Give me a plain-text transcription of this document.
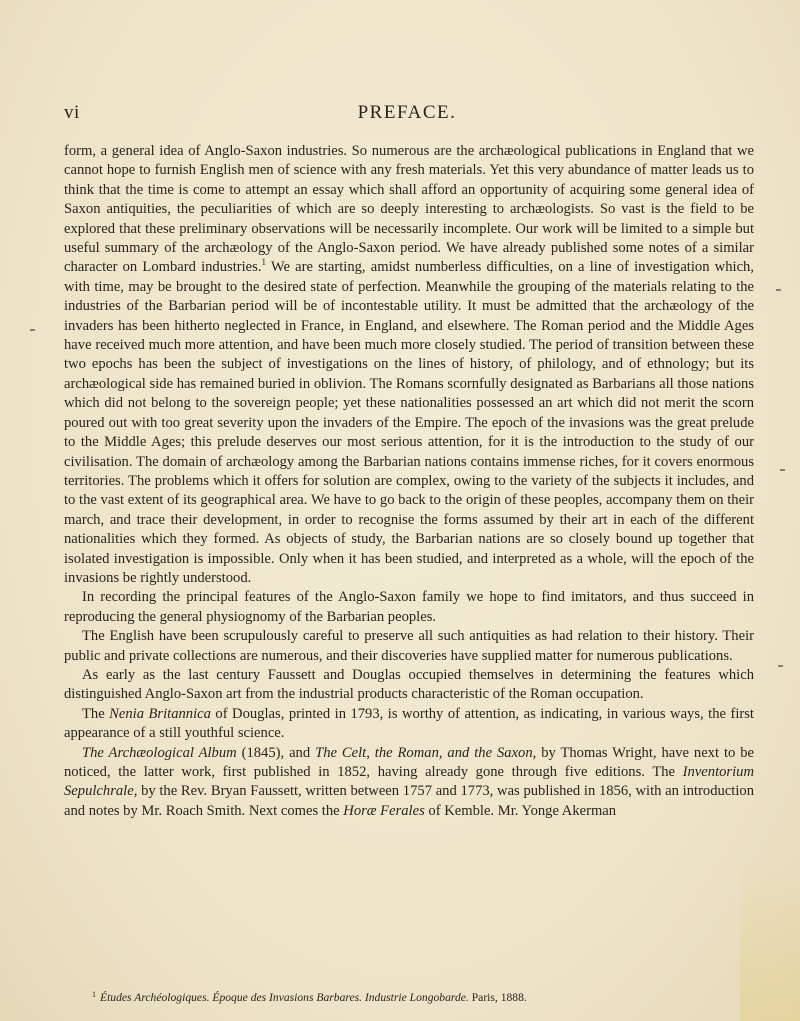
vi	PREFACE.

form, a general idea of Anglo-Saxon industries. So numerous are the archæological publications in England that we cannot hope to furnish English men of science with any fresh materials. Yet this very abundance of matter leads us to think that the time is come to attempt an essay which shall afford an opportunity of acquiring some general idea of Saxon antiquities, the peculiarities of which are so deeply interesting to archæologists. So vast is the field to be explored that these preliminary observations will be necessarily incomplete. Our work will be limited to a simple but useful summary of the archæology of the Anglo-Saxon period. We have already published some notes of a similar character on Lombard industries.$^1$ We are starting, amidst numberless difficulties, on a line of investigation which, with time, may be brought to the desired state of perfection. Meanwhile the grouping of the materials relating to the industries of the Barbarian period will be of incontestable utility. It must be admitted that the archæology of the invaders has been hitherto neglected in France, in England, and elsewhere. The Roman period and the Middle Ages have received much more attention, and have been much more closely studied. The period of transition between these two epochs has been the subject of investigations on the lines of history, of philology, and of ethnology; but its archæological side has remained buried in oblivion. The Romans scornfully designated as Barbarians all those nations which did not belong to the sovereign people; yet these nationalities possessed an art which did not merit the scorn poured out with too great severity upon the invaders of the Empire. The epoch of the invasions was the great prelude to the Middle Ages; this prelude deserves our most serious attention, for it is the introduction to the study of our civilisation. The domain of archæology among the Barbarian nations contains immense riches, for it covers enormous territories. The problems which it offers for solution are complex, owing to the variety of the subjects it includes, and to the vast extent of its geographical area. We have to go back to the origin of these peoples, accompany them on their march, and trace their development, in order to recognise the forms assumed by their art in each of the different nationalities which they formed. As objects of study, the Barbarian nations are so closely bound up together that isolated investigation is impossible. Only when it has been studied, and interpreted as a whole, will the epoch of the invasions be rightly understood.

In recording the principal features of the Anglo-Saxon family we hope to find imitators, and thus succeed in reproducing the general physiognomy of the Barbarian peoples.

The English have been scrupulously careful to preserve all such antiquities as had relation to their history. Their public and private collections are numerous, and their discoveries have supplied matter for numerous publications.

As early as the last century Faussett and Douglas occupied themselves in determining the features which distinguished Anglo-Saxon art from the industrial products characteristic of the Roman occupation.

The Nenia Britannica of Douglas, printed in 1793, is worthy of attention, as indicating, in various ways, the first appearance of a still youthful science.

The Archæological Album (1845), and The Celt, the Roman, and the Saxon, by Thomas Wright, have next to be noticed, the latter work, first published in 1852, having already gone through five editions. The Inventorium Sepulchrale, by the Rev. Bryan Faussett, written between 1757 and 1773, was published in 1856, with an introduction and notes by Mr. Roach Smith. Next comes the Horæ Ferales of Kemble. Mr. Yonge Akerman

$^1$ Études Archéologiques. Époque des Invasions Barbares. Industrie Longobarde. Paris, 1888.
